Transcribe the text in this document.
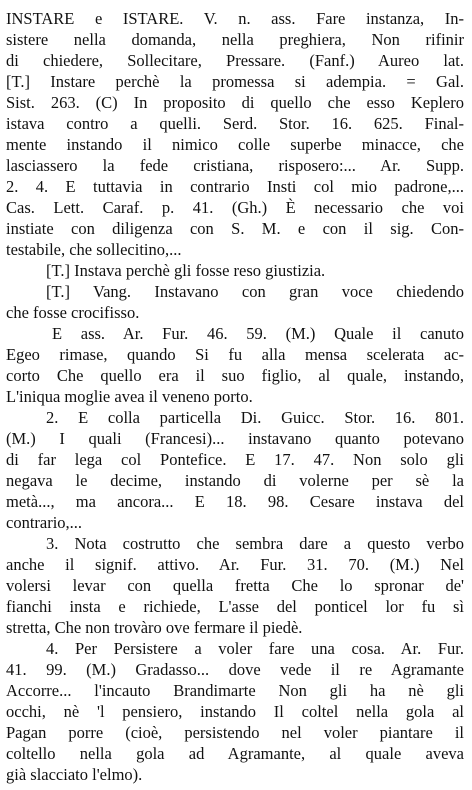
INSTARE e ISTARE. V. n. ass. Fare instanza, In-
sistere nella domanda, nella preghiera, Non rifinir
di chiedere, Sollecitare, Pressare. (Fanf.) Aureo lat.
[T.] Instare perchè la promessa si adempia. = Gal.
Sist. 263. (C) In proposito di quello che esso Keplero
istava contro a quelli. Serd. Stor. 16. 625. Final-
mente instando il nimico colle superbe minacce, che
lasciassero la fede cristiana, risposero:... Ar. Supp.
2. 4. E tuttavia in contrario Insti col mio padrone,...
Cas. Lett. Caraf. p. 41. (Gh.) È necessario che voi
instiate con diligenza con S. M. e con il sig. Con-
testabile, che sollecitino,...
[T.] Instava perchè gli fosse reso giustizia.
[T.] Vang. Instavano con gran voce chiedendo
che fosse crocifisso.
E ass. Ar. Fur. 46. 59. (M.) Quale il canuto
Egeo rimase, quando Si fu alla mensa scelerata ac-
corto Che quello era il suo figlio, al quale, instando,
L'iniqua moglie avea il veneno porto.
2. E colla particella Di. Guicc. Stor. 16. 801.
(M.) I quali (Francesi)... instavano quanto potevano
di far lega col Pontefice. E 17. 47. Non solo gli
negava le decime, instando di volerne per sè la
metà..., ma ancora... E 18. 98. Cesare instava del
contrario,...
3. Nota costrutto che sembra dare a questo verbo
anche il signif. attivo. Ar. Fur. 31. 70. (M.) Nel
volersi levar con quella fretta Che lo spronar de'
fianchi insta e richiede, L'asse del ponticel lor fu sì
stretta, Che non trovàro ove fermare il piedè.
4. Per Persistere a voler fare una cosa. Ar. Fur.
41. 99. (M.) Gradasso... dove vede il re Agramante
Accorre... l'incauto Brandimarte Non gli ha nè gli
occhi, nè 'l pensiero, instando Il coltel nella gola al
Pagan porre (cioè, persistendo nel voler piantare il
coltello nella gola ad Agramante, al quale aveva
già slacciato l'elmo).
